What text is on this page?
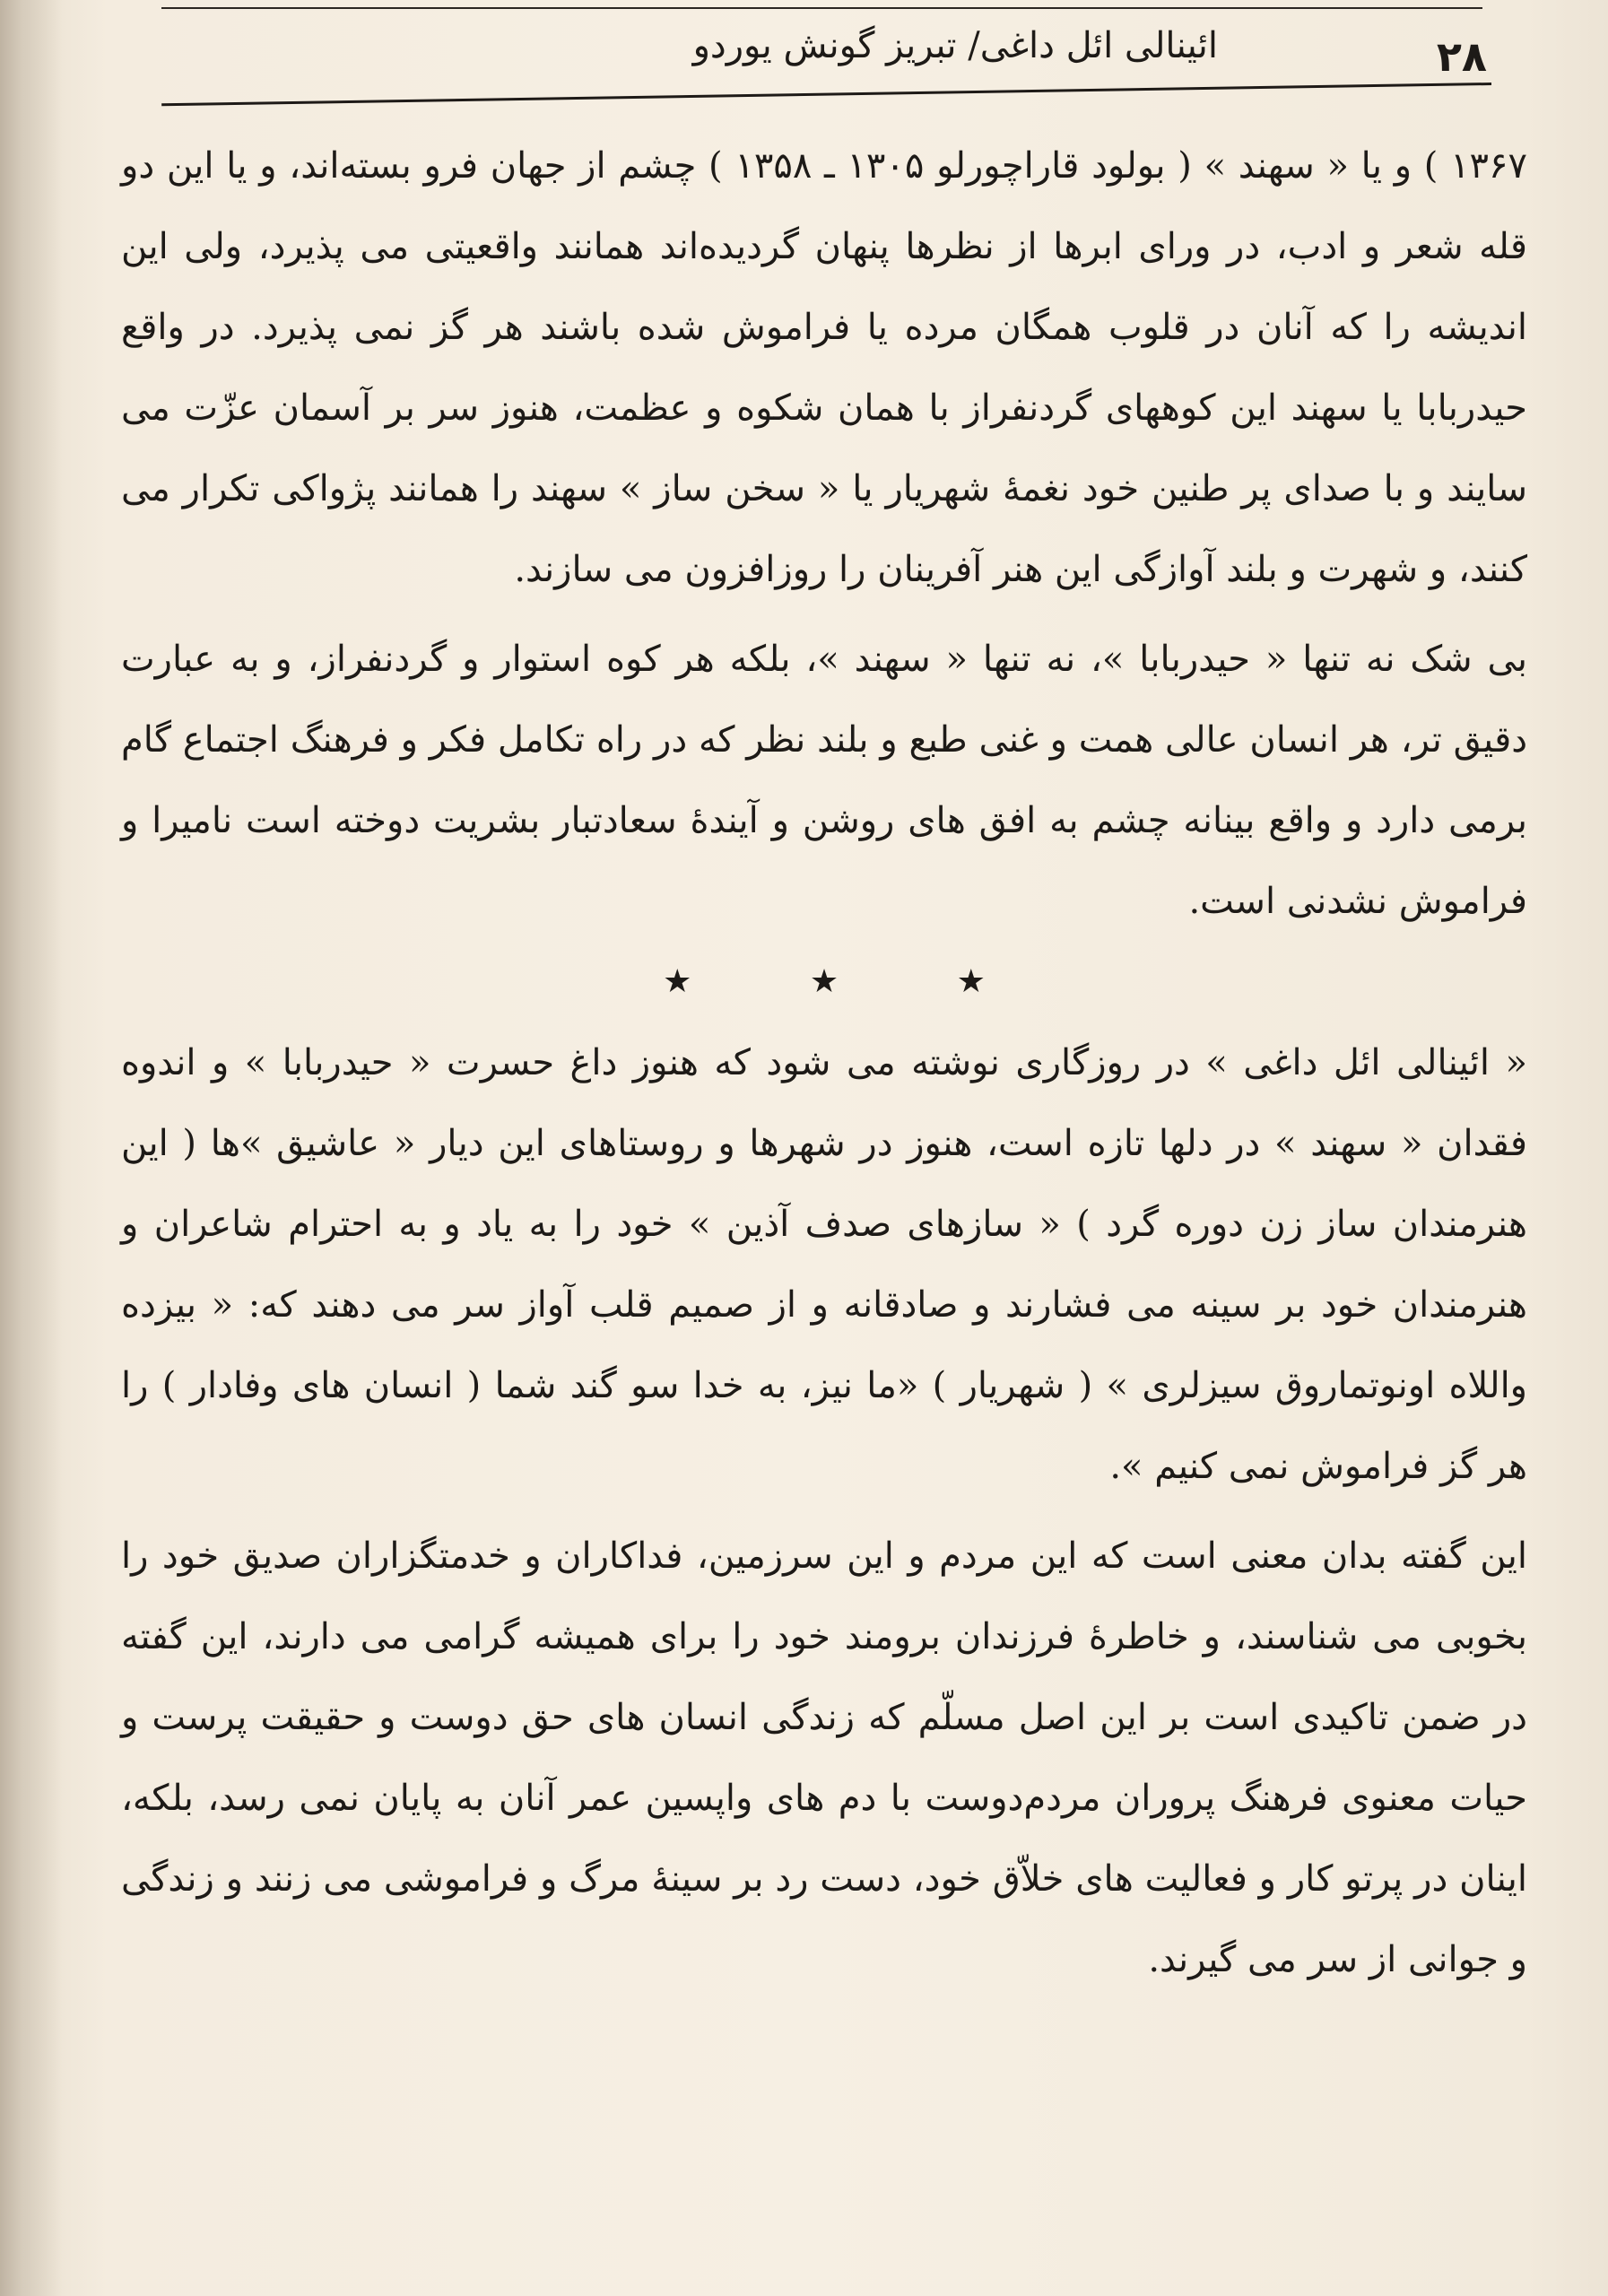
۲۸
ائینالی ائل داغی/ تبریز گونش یوردو

۱۳۶۷ ) و یا « سهند » ( بولود قاراچورلو ۱۳۰۵ ـ ۱۳۵۸ ) چشم از جهان فرو بسته‌اند، و یا این دو قله شعر و ادب، در ورای ابرها از نظرها پنهان گردیده‌اند همانند واقعیتی می پذیرد، ولی این اندیشه را که آنان در قلوب همگان مرده یا فراموش شده باشند هر گز نمی پذیرد. در واقع حیدربابا یا سهند این کوههای گردنفراز با همان شکوه و عظمت، هنوز سر بر آسمان عزّت می سایند و با صدای پر طنین خود نغمهٔ شهریار یا « سخن ساز » سهند را همانند پژواکی تکرار می کنند، و شهرت و بلند آوازگی این هنر آفرینان را روزافزون می سازند.

بی شک نه تنها « حیدربابا »، نه تنها « سهند »، بلکه هر کوه استوار و گردنفراز، و به عبارت دقیق تر، هر انسان عالی همت و غنی طبع و بلند نظر که در راه تکامل فکر و فرهنگ اجتماع گام برمی دارد و واقع بینانه چشم به افق های روشن و آیندهٔ سعادتبار بشریت دوخته است نامیرا و فراموش نشدنی است.

★ ★ ★

« ائینالی ائل داغی » در روزگاری نوشته می شود که هنوز داغ حسرت « حیدربابا » و اندوه فقدان « سهند » در دلها تازه است، هنوز در شهرها و روستاهای این دیار « عاشیق »ها ( این هنرمندان ساز زن دوره گرد ) « سازهای صدف آذین » خود را به یاد و به احترام شاعران و هنرمندان خود بر سینه می فشارند و صادقانه و از صمیم قلب آواز سر می دهند که: « بیزده واللاه اونوتماروق سیزلری » ( شهریار ) «ما نیز، به خدا سو گند شما ( انسان های وفادار ) را هر گز فراموش نمی کنیم ».

این گفته بدان معنی است که این مردم و این سرزمین، فداکاران و خدمتگزاران صدیق خود را بخوبی می شناسند، و خاطرهٔ فرزندان برومند خود را برای همیشه گرامی می دارند، این گفته در ضمن تاکیدی است بر این اصل مسلّم که زندگی انسان های حق دوست و حقیقت پرست و حیات معنوی فرهنگ پروران مردم‌دوست با دم های واپسین عمر آنان به پایان نمی رسد، بلکه، اینان در پرتو کار و فعالیت های خلاّق خود، دست رد بر سینهٔ مرگ و فراموشی می زنند و زندگی و جوانی از سر می گیرند.
